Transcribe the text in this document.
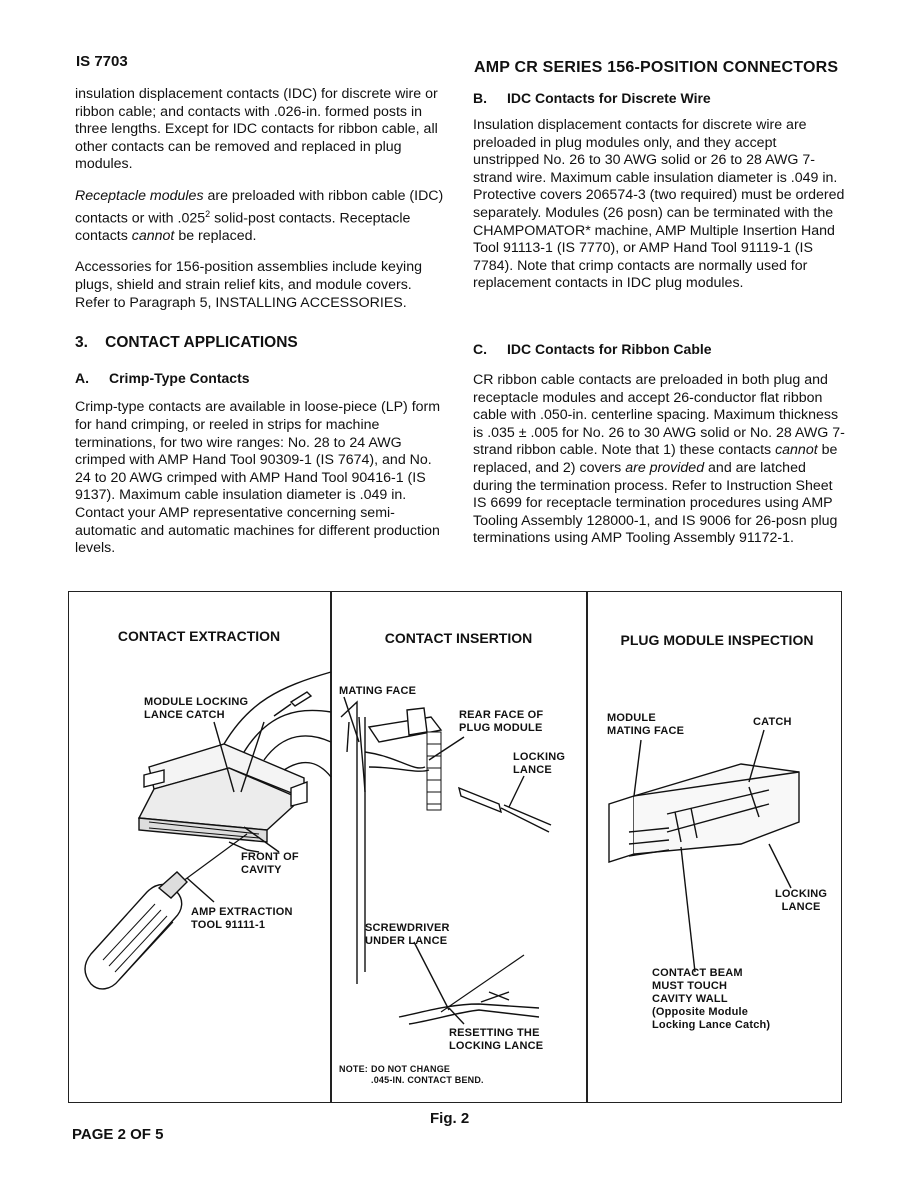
IS 7703	AMP CR SERIES 156-POSITION CONNECTORS

insulation displacement contacts (IDC) for discrete wire or ribbon cable; and contacts with .026-in. formed posts in three lengths. Except for IDC contacts for ribbon cable, all other contacts can be removed and replaced in plug modules.

Receptacle modules are preloaded with ribbon cable (IDC) contacts or with .025$^2$ solid-post contacts. Receptacle contacts cannot be replaced.

Accessories for 156-position assemblies include keying plugs, shield and strain relief kits, and module covers. Refer to Paragraph 5, INSTALLING ACCESSORIES.

3.    CONTACT APPLICATIONS

A. Crimp-Type Contacts

Crimp-type contacts are available in loose-piece (LP) form for hand crimping, or reeled in strips for machine terminations, for two wire ranges: No. 28 to 24 AWG crimped with AMP Hand Tool 90309-1 (IS 7674), and No. 24 to 20 AWG crimped with AMP Hand Tool 90416-1 (IS 9137). Maximum cable insulation diameter is .049 in. Contact your AMP representative concerning semi-automatic and automatic machines for different production levels.

B. IDC Contacts for Discrete Wire

Insulation displacement contacts for discrete wire are preloaded in plug modules only, and they accept unstripped No. 26 to 30 AWG solid or 26 to 28 AWG 7-strand wire. Maximum cable insulation diameter is .049 in. Protective covers 206574-3 (two required) must be ordered separately. Modules (26 posn) can be terminated with the CHAMPOMATOR* machine, AMP Multiple Insertion Hand Tool 91113-1 (IS 7770), or AMP Hand Tool 91119-1 (IS 7784). Note that crimp contacts are normally used for replacement contacts in IDC plug modules.

C. IDC Contacts for Ribbon Cable

CR ribbon cable contacts are preloaded in both plug and receptacle modules and accept 26-conductor flat ribbon cable with .050-in. centerline spacing. Maximum thickness is .035 ± .005 for No. 26 to 30 AWG solid or No. 28 AWG 7-strand ribbon cable. Note that 1) these contacts cannot be replaced, and 2) covers are provided and are latched during the termination process. Refer to Instruction Sheet IS 6699 for receptacle termination procedures using AMP Tooling Assembly 128000-1, and IS 9006 for 26-posn plug terminations using AMP Tooling Assembly 91172-1.

CONTACT EXTRACTION	CONTACT INSERTION	PLUG MODULE INSPECTION
MODULE LOCKING
LANCE CATCH
FRONT OF
CAVITY
AMP EXTRACTION
TOOL 91111-1
MATING FACE
REAR FACE OF
PLUG MODULE
LOCKING
LANCE
SCREWDRIVER
UNDER LANCE
RESETTING THE
LOCKING LANCE
NOTE: DO NOT CHANGE
.045-IN. CONTACT BEND.
MODULE
MATING FACE
CATCH
LOCKING
LANCE
CONTACT BEAM
MUST TOUCH
CAVITY WALL
(Opposite Module
Locking Lance Catch)
Fig. 2
PAGE 2 OF 5
